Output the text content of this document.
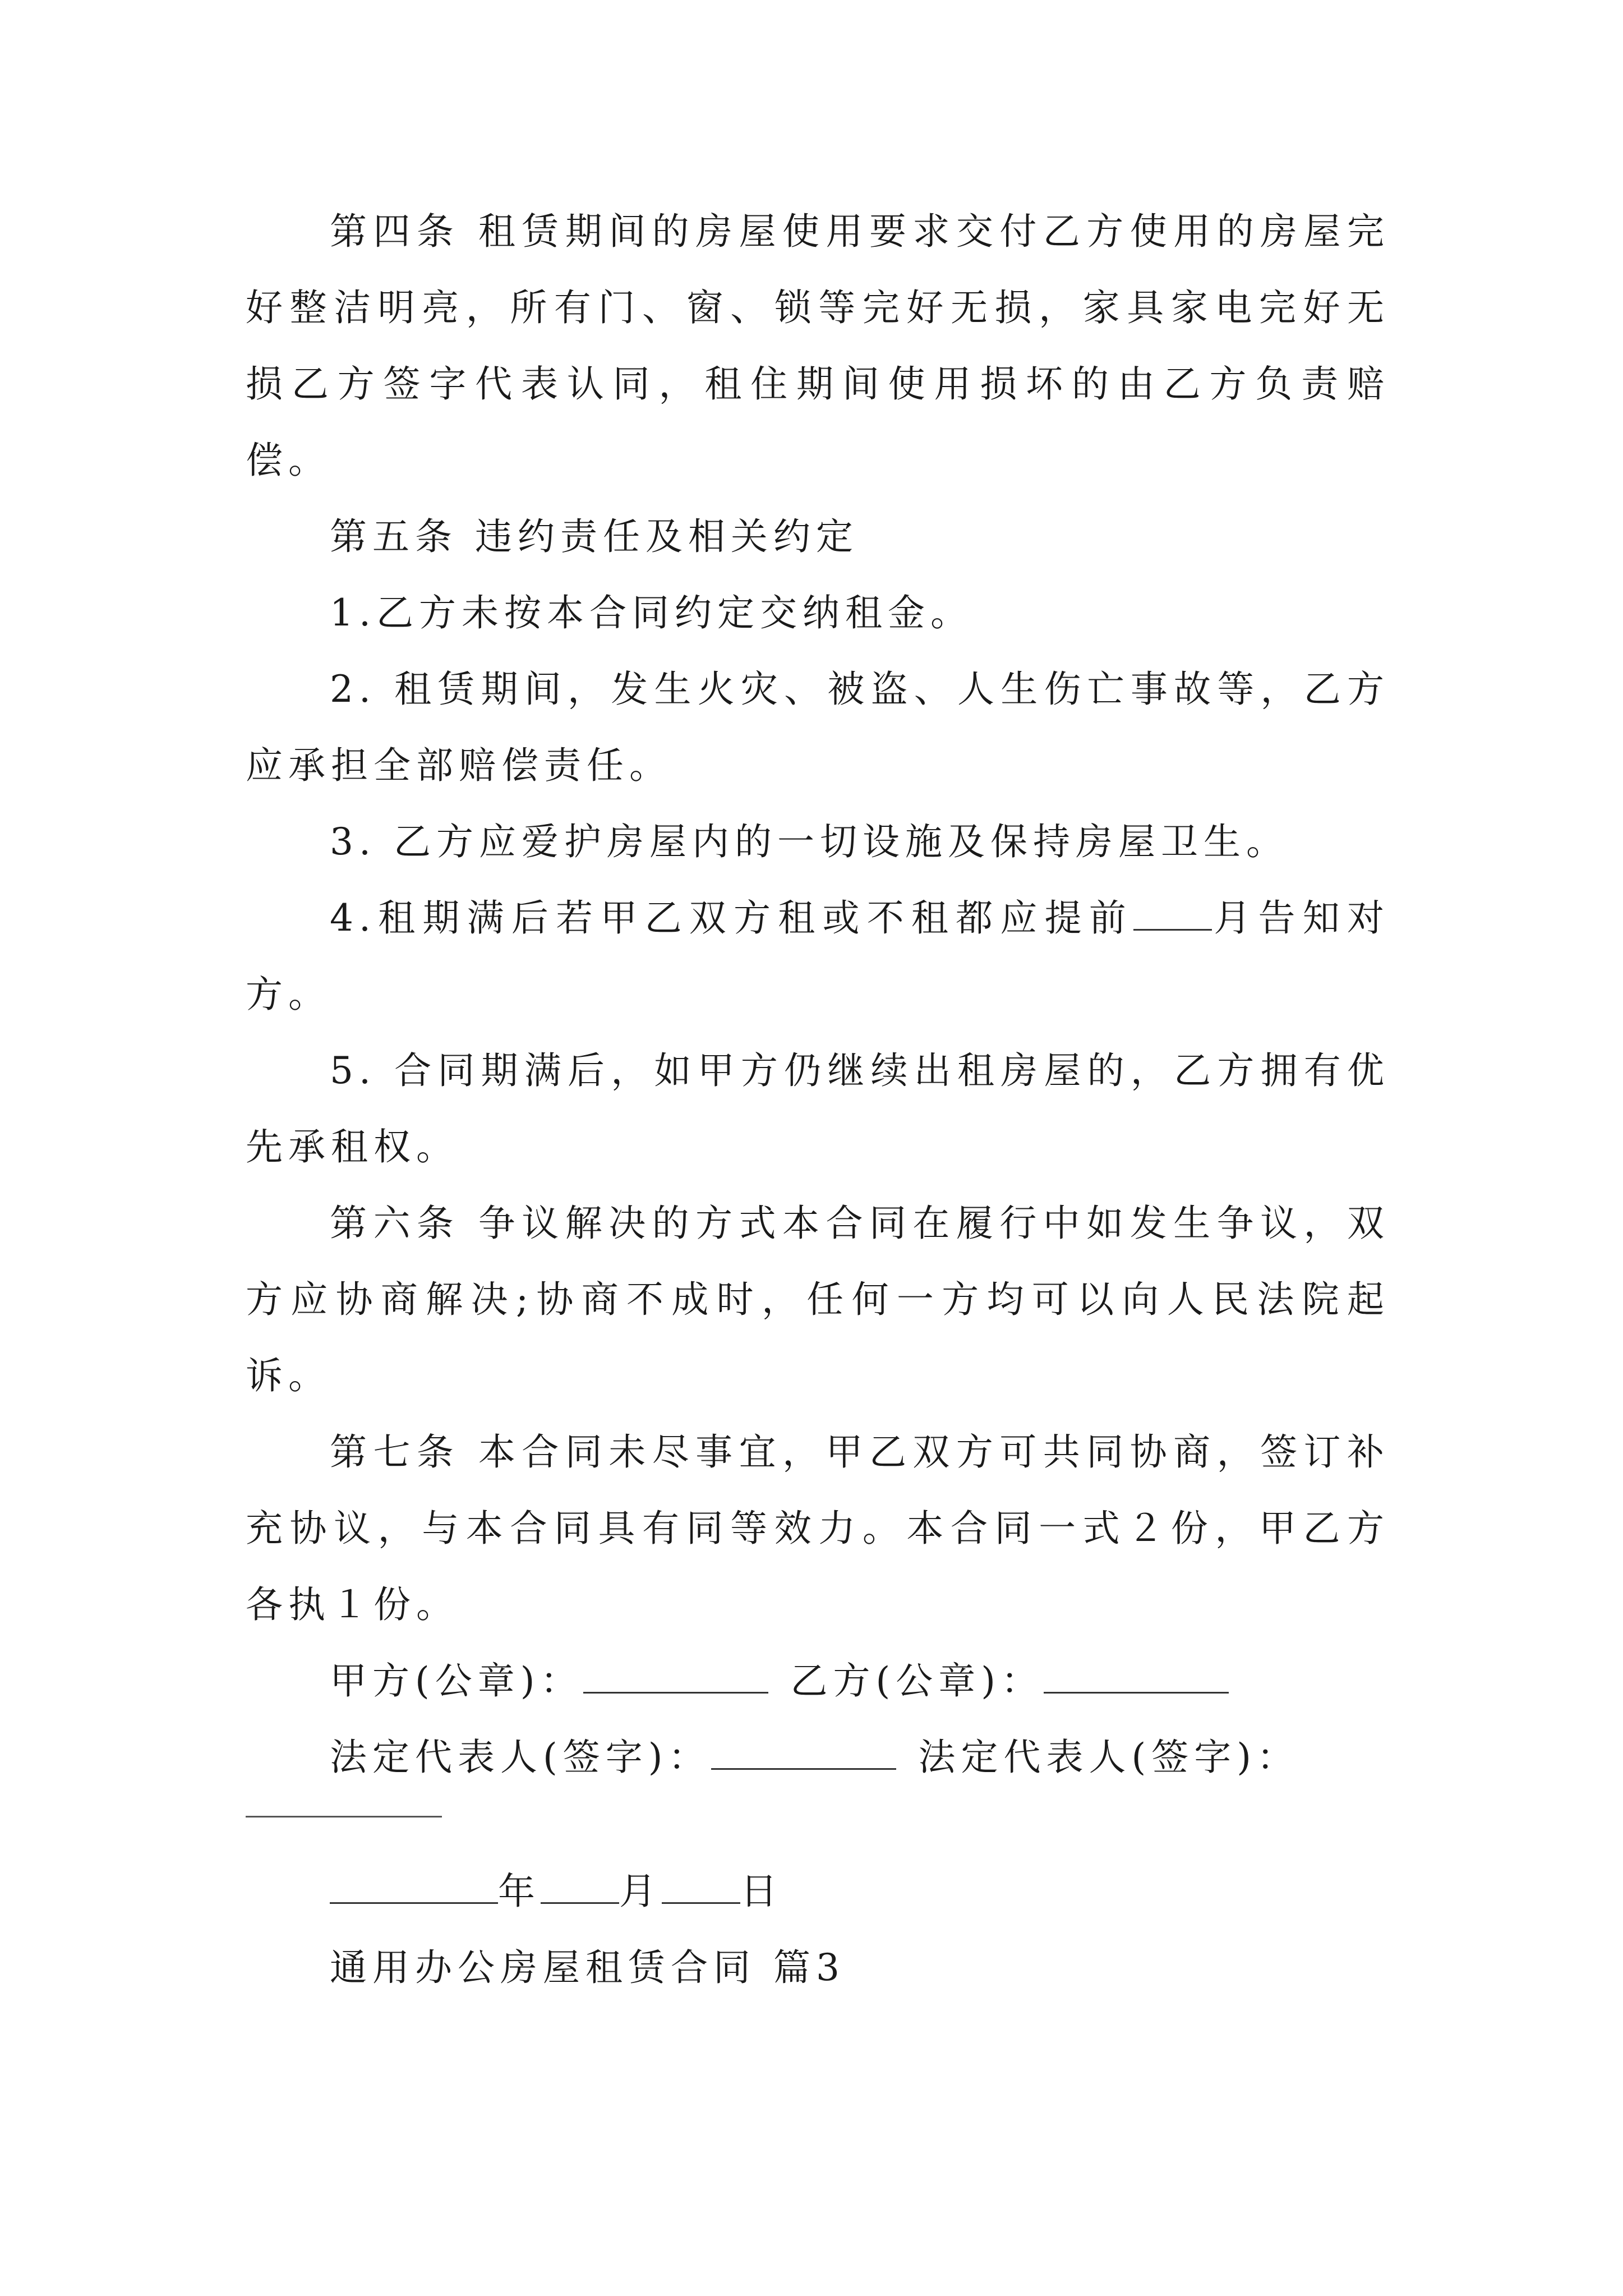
第四条 租赁期间的房屋使用要求交付乙方使用的房屋完好整洁明亮，所有门、窗、锁等完好无损，家具家电完好无损乙方签字代表认同，租住期间使用损坏的由乙方负责赔偿。

第五条 违约责任及相关约定

1.乙方未按本合同约定交纳租金。

2. 租赁期间，发生火灾、被盗、人生伤亡事故等，乙方应承担全部赔偿责任。

3. 乙方应爱护房屋内的一切设施及保持房屋卫生。

4.租期满后若甲乙双方租或不租都应提前 月告知对方。

5. 合同期满后，如甲方仍继续出租房屋的，乙方拥有优先承租权。

第六条 争议解决的方式本合同在履行中如发生争议，双方应协商解决;协商不成时，任何一方均可以向人民法院起诉。

第七条 本合同未尽事宜，甲乙双方可共同协商，签订补充协议，与本合同具有同等效力。本合同一式２份，甲乙方各执１份。

甲方(公章)：	乙方(公章)：

法定代表人(签字)：	法定代表人(签字)：

年 月 日

通用办公房屋租赁合同 篇3
